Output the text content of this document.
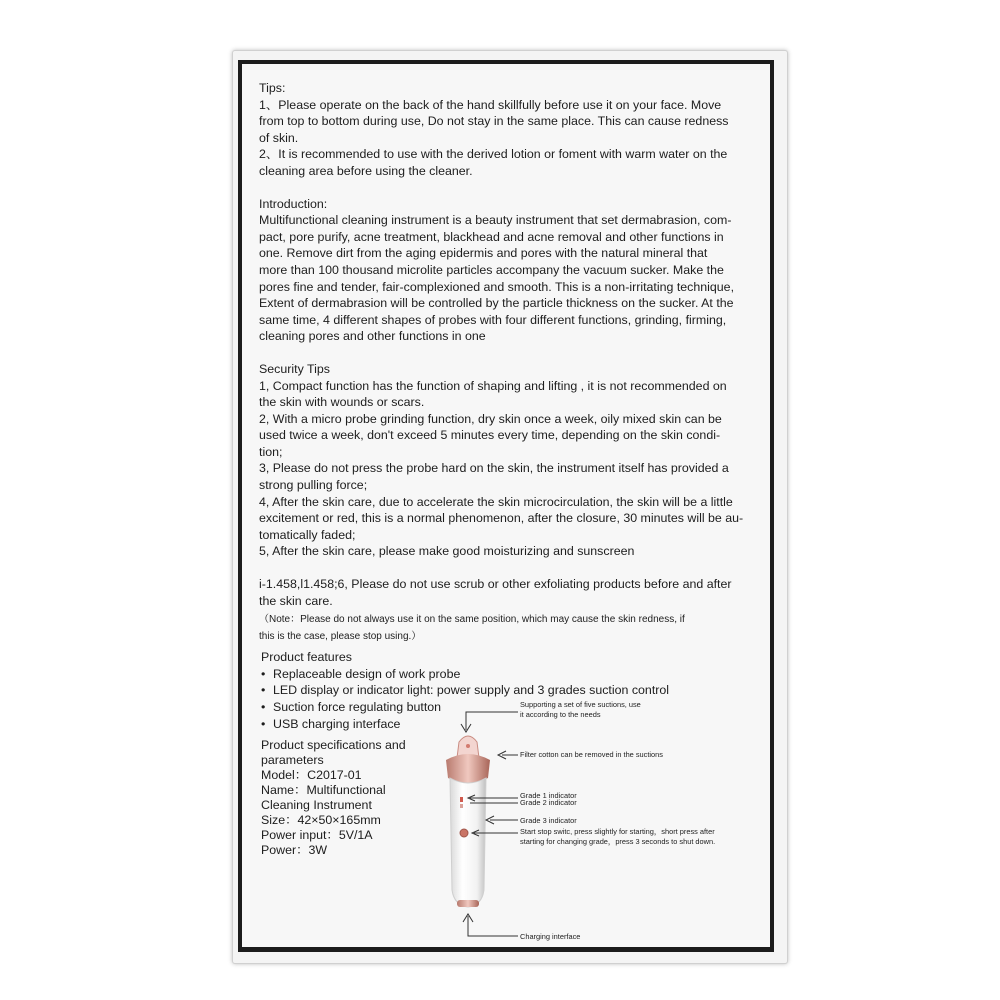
Tips:

1、Please operate on the back of the hand skillfully before use it on your face. Move

from top to bottom during use, Do not stay in the same place. This can cause redness

of skin.

2、It is recommended to use with the derived lotion or foment with warm water on the

cleaning area before using the cleaner.

Introduction:

Multifunctional cleaning instrument is a beauty instrument that set dermabrasion, com-

pact, pore purify, acne treatment, blackhead and acne removal and other functions in

one. Remove dirt from the aging epidermis and pores with the natural mineral that

more than 100 thousand microlite particles accompany the vacuum sucker. Make the

pores fine and tender, fair-complexioned and smooth. This is a non-irritating technique,

Extent of dermabrasion will be controlled by the particle thickness on the sucker. At the

same time, 4 different shapes of probes with four different functions, grinding, firming,

cleaning pores and other functions in one

Security Tips

1, Compact function has the function of shaping and lifting , it is not recommended on

the skin with wounds or scars.

2, With a micro probe grinding function, dry skin once a week, oily mixed skin can be

used twice a week, don't exceed 5 minutes every time, depending on the skin condi-

tion;

3, Please do not press the probe hard on the skin, the instrument itself has provided a

strong pulling force;

4, After the skin care, due to accelerate the skin microcirculation, the skin will be a little

excitement or red, this is a normal phenomenon, after the closure, 30 minutes will be au-

tomatically faded;

5, After the skin care, please make good moisturizing and sunscreen

i-1.458,l1.458;6, Please do not use scrub or other exfoliating products before and after

the skin care.

（Note：Please do not always use it on the same position, which may cause the skin redness, if

this is the case, please stop using.）

Product features

• Replaceable design of work probe

• LED display or indicator light: power supply and 3 grades suction control

• Suction force regulating button

• USB charging interface

Product specifications and

parameters

Model：C2017-01

Name：Multifunctional

Cleaning Instrument

Size：42×50×165mm

Power input：5V/1A

Power：3W

Supporting a set of five suctions, use
it according to the needs
Filter cotton can be removed in the suctions
Grade 1 indicator
Grade 2 indicator
Grade 3 indicator
Start stop switc, press slightly for starting，short press after
starting for changing grade，press 3 seconds to shut down.
Charging interface
